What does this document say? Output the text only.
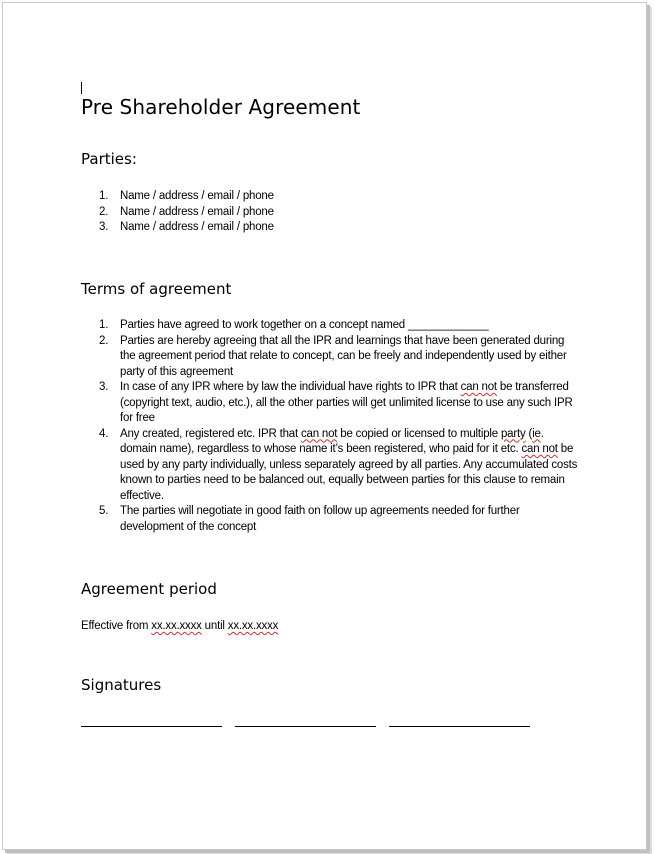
Pre Shareholder Agreement
Parties:
1. Name / address / email / phone
2. Name / address / email / phone
3. Name / address / email / phone
Terms of agreement
1. Parties have agreed to work together on a concept named _____________
2. Parties are hereby agreeing that all the IPR and learnings that have been generated during the agreement period that relate to concept, can be freely and independently used by either party of this agreement
3. In case of any IPR where by law the individual have rights to IPR that can not be transferred (copyright text, audio, etc.), all the other parties will get unlimited license to use any such IPR for free
4. Any created, registered etc. IPR that can not be copied or licensed to multiple party (ie. domain name), regardless to whose name it’s been registered, who paid for it etc. can not be used by any party individually, unless separately agreed by all parties. Any accumulated costs known to parties need to be balanced out, equally between parties for this clause to remain effective.
5. The parties will negotiate in good faith on follow up agreements needed for further development of the concept
Agreement period
Effective from xx.xx.xxxx until xx.xx.xxxx
Signatures
